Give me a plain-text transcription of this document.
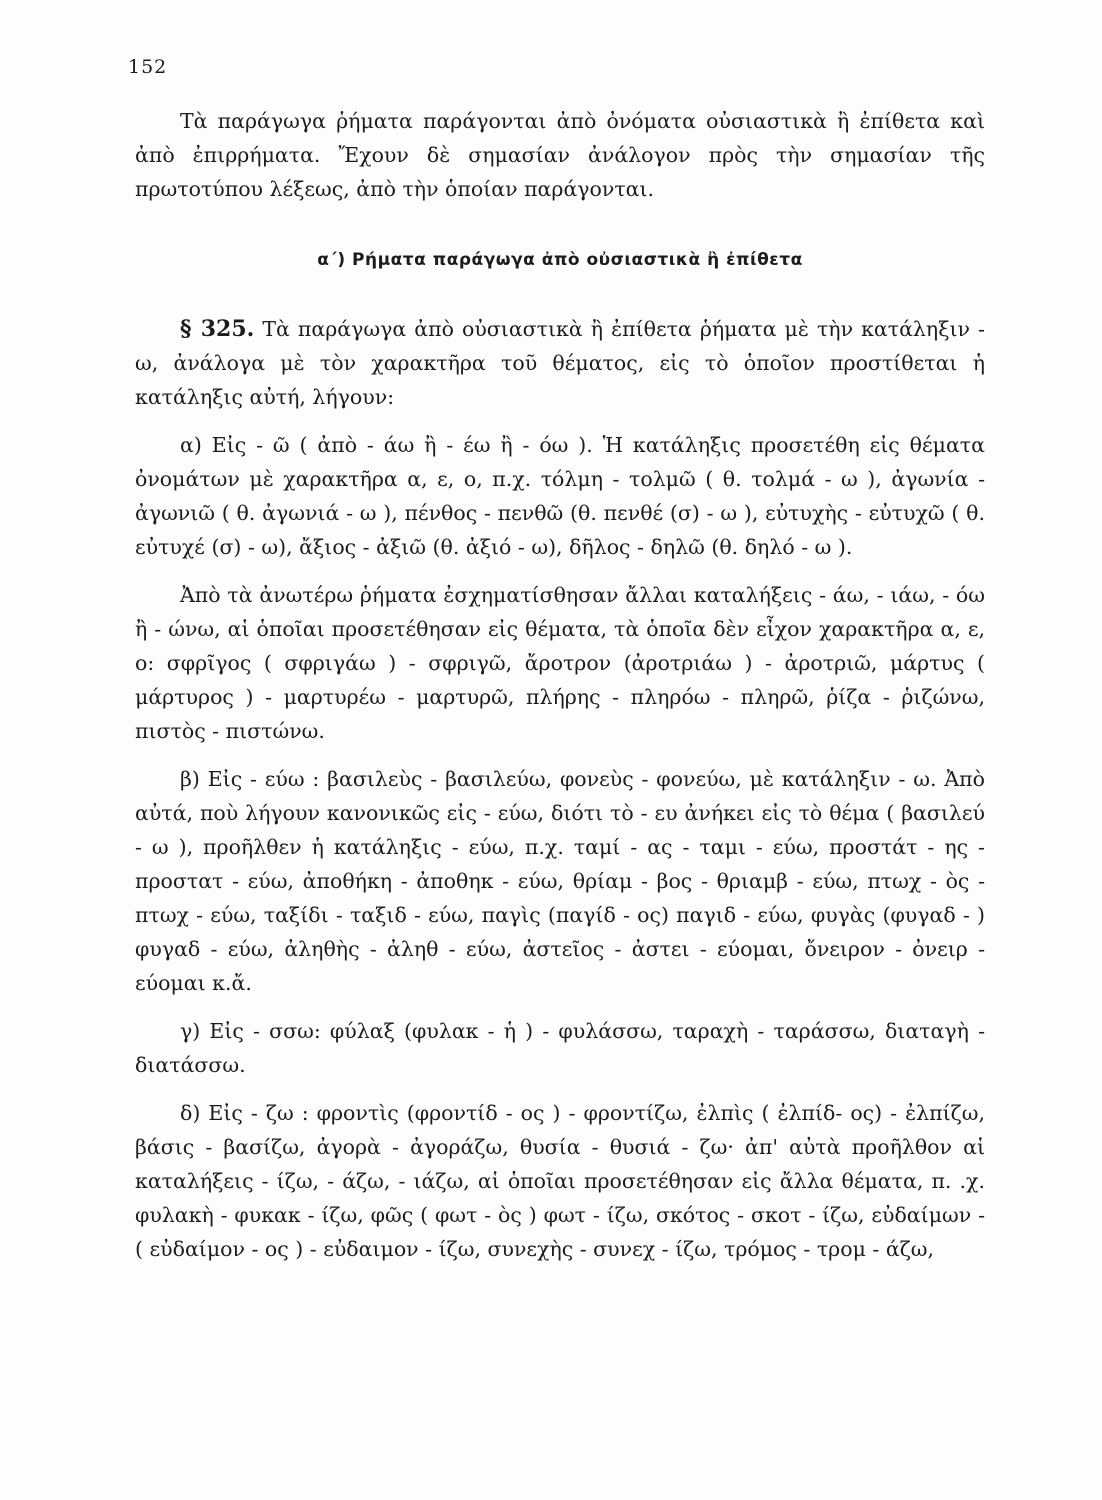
152

Τὰ παράγωγα ῥήματα παράγονται ἀπὸ ὀνόματα οὐσιαστικὰ ἢ ἐπίθετα καὶ ἀπὸ ἐπιρρήματα. Ἔχουν δὲ σημασίαν ἀνάλογον πρὸς τὴν σημασίαν τῆς πρωτοτύπου λέξεως, ἀπὸ τὴν ὁποίαν παράγονται.

α΄) Ρήματα παράγωγα ἀπὸ οὐσιαστικὰ ἢ ἐπίθετα

§ 325. Τὰ παράγωγα ἀπὸ οὐσιαστικὰ ἢ ἐπίθετα ῥήματα μὲ τὴν κατάληξιν - ω, ἀνάλογα μὲ τὸν χαρακτῆρα τοῦ θέματος, εἰς τὸ ὁποῖον προστίθεται ἡ κατάληξις αὐτή, λήγουν:

α) Εἰς - ῶ ( ἀπὸ - άω ἢ - έω ἢ - όω ). Ἡ κατάληξις προσετέθη εἰς θέματα ὀνομάτων μὲ χαρακτῆρα α, ε, ο, π.χ. τόλμη - τολμῶ ( θ. τολμά - ω ), ἀγωνία - ἀγωνιῶ ( θ. ἀγωνιά - ω ), πένθος - πενθῶ (θ. πενθέ (σ) - ω ), εὐτυχὴς - εὐτυχῶ ( θ. εὐτυχέ (σ) - ω), ἄξιος - ἀξιῶ (θ. ἀξιό - ω), δῆλος - δηλῶ (θ. δηλό - ω ).

Ἀπὸ τὰ ἀνωτέρω ῥήματα ἐσχηματίσθησαν ἄλλαι καταλήξεις - άω, - ιάω, - όω ἢ - ώνω, αἱ ὁποῖαι προσετέθησαν εἰς θέματα, τὰ ὁποῖα δὲν εἶχον χαρακτῆρα α, ε, ο: σφρῖγος ( σφριγάω ) - σφριγῶ, ἄροτρον (ἀροτριάω ) - ἀροτριῶ, μάρτυς ( μάρτυρος ) - μαρτυρέω - μαρτυρῶ, πλήρης - πληρόω - πληρῶ, ῥίζα - ῥιζώνω, πιστὸς - πιστώνω.

β) Εἰς - εύω : βασιλεὺς - βασιλεύω, φονεὺς - φονεύω, μὲ κατάληξιν - ω. Ἀπὸ αὐτά, ποὺ λήγουν κανονικῶς εἰς - εύω, διότι τὸ - ευ ἀνήκει εἰς τὸ θέμα ( βασιλεύ - ω ), προῆλθεν ἡ κατάληξις - εύω, π.χ. ταμί - ας - ταμι - εύω, προστάτ - ης - προστατ - εύω, ἀποθήκη - ἀποθηκ - εύω, θρίαμ - βος - θριαμβ - εύω, πτωχ - ὸς - πτωχ - εύω, ταξίδι - ταξιδ - εύω, παγὶς (παγίδ - ος) παγιδ - εύω, φυγὰς (φυγαδ - ) φυγαδ - εύω, ἀληθὴς - ἀληθ - εύω, ἀστεῖος - ἀστει - εύομαι, ὄνειρον - ὀνειρ - εύομαι κ.ἄ.

γ) Εἰς - σσω: φύλαξ (φυλακ - ἡ ) - φυλάσσω, ταραχὴ - ταράσσω, διαταγὴ - διατάσσω.

δ) Εἰς - ζω : φροντὶς (φροντίδ - ος ) - φροντίζω, ἐλπὶς ( ἐλπίδ- ος) - ἐλπίζω, βάσις - βασίζω, ἀγορὰ - ἀγοράζω, θυσία - θυσιά - ζω· ἀπ' αὐτὰ προῆλθον αἱ καταλήξεις - ίζω, - άζω, - ιάζω, αἱ ὁποῖαι προσετέθησαν εἰς ἄλλα θέματα, π. .χ. φυλακὴ - φυκακ - ίζω, φῶς ( φωτ - ὸς ) φωτ - ίζω, σκότος - σκοτ - ίζω, εὐδαίμων - ( εὐδαίμον - ος ) - εὐδαιμον - ίζω, συνεχὴς - συνεχ - ίζω, τρόμος - τρομ - άζω,
